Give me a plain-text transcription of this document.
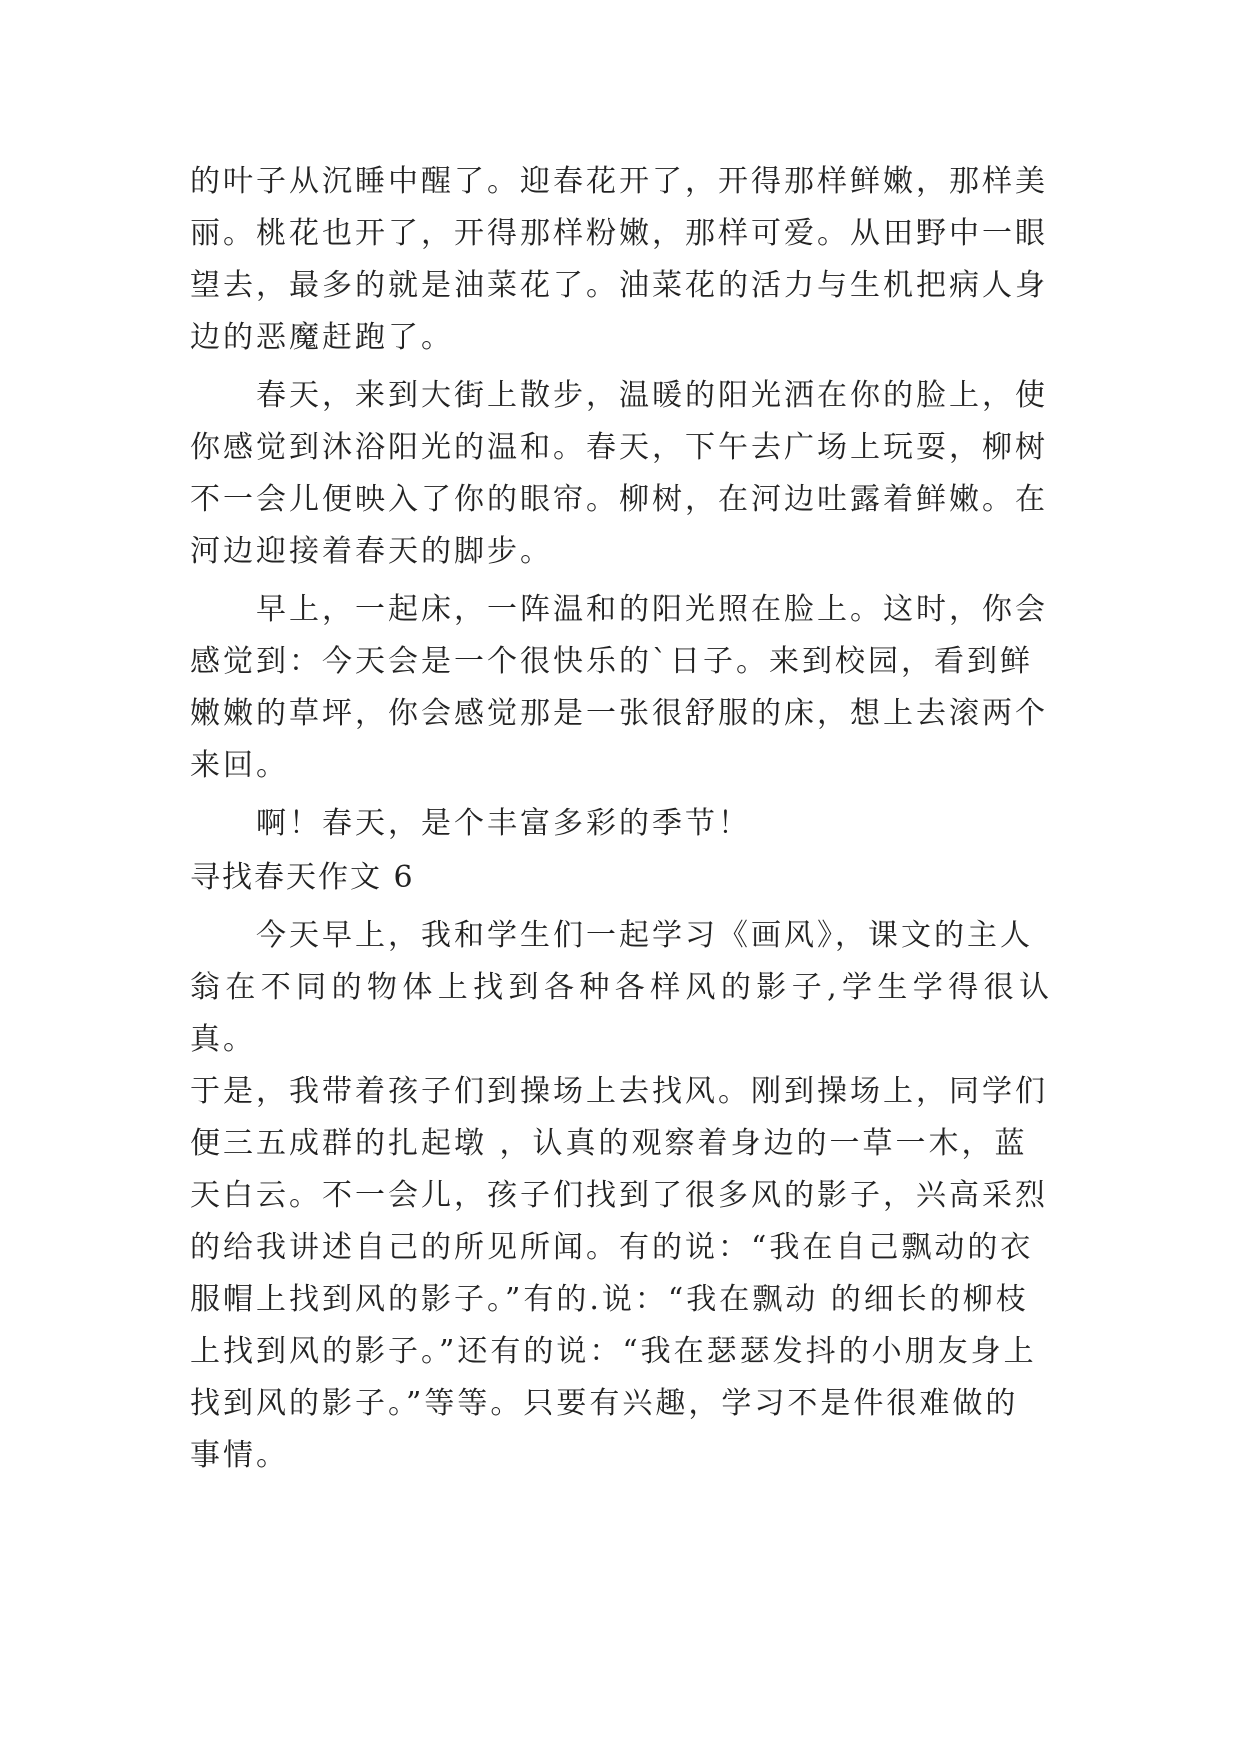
的叶子从沉睡中醒了。迎春花开了，开得那样鲜嫩，那样美
丽。桃花也开了，开得那样粉嫩，那样可爱。从田野中一眼
望去，最多的就是油菜花了。油菜花的活力与生机把病人身
边的恶魔赶跑了。

春天，来到大街上散步，温暖的阳光洒在你的脸上，使
你感觉到沐浴阳光的温和。春天，下午去广场上玩耍，柳树
不一会儿便映入了你的眼帘。柳树，在河边吐露着鲜嫩。在
河边迎接着春天的脚步。

早上，一起床，一阵温和的阳光照在脸上。这时，你会
感觉到：今天会是一个很快乐的`日子。来到校园，看到鲜
嫩嫩的草坪，你会感觉那是一张很舒服的床，想上去滚两个
来回。

啊！春天，是个丰富多彩的季节！

寻找春天作文 6

今天早上，我和学生们一起学习《画风》，课文的主人
翁在不同的物体上找到各种各样风的影子,学生学得很认真。
于是，我带着孩子们到操场上去找风。刚到操场上，同学们
便三五成群的扎起墩 ，认真的观察着身边的一草一木，蓝
天白云。不一会儿，孩子们找到了很多风的影子，兴高采烈
的给我讲述自己的所见所闻。有的说：“我在自己飘动的衣
服帽上找到风的影子。”有的.说：“我在飘动 的细长的柳枝
上找到风的影子。”还有的说：“我在瑟瑟发抖的小朋友身上
找到风的影子。”等等。只要有兴趣，学习不是件很难做的
事情。
